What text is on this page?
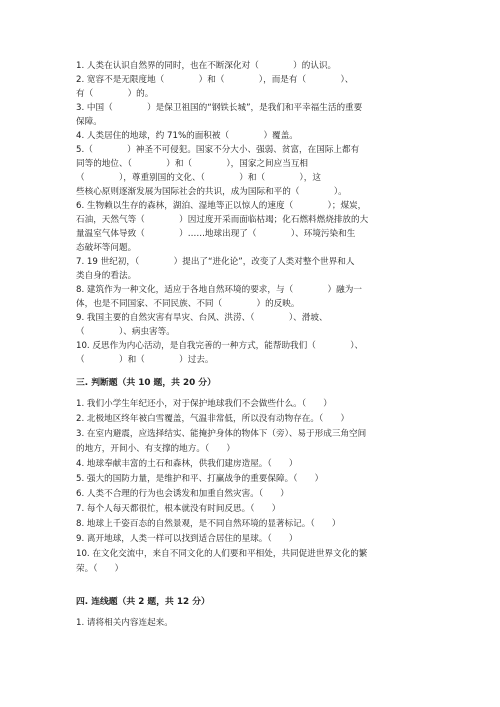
1. 人类在认识自然界的同时，也在不断深化对（　　　　）的认识。
2. 宽容不是无限度地（　　　　）和（　　　　），而是有（　　　　）、
有（　　　　）的。
3. 中国（　　　　）是保卫祖国的“钢铁长城”，是我们和平幸福生活的重要
保障。
4. 人类居住的地球，约 71%的面积被（　　　　）覆盖。
5.（　　　　）神圣不可侵犯。国家不分大小、强弱、贫富，在国际上都有
同等的地位、（　　　　）和（　　　　），国家之间应当互相
（　　　　），尊重别国的文化、（　　　　）和（　　　　），这
些核心原则逐渐发展为国际社会的共识，成为国际和平的（　　　　）。
6. 生物赖以生存的森林，湖泊、湿地等正以惊人的速度（　　　　）；煤炭，
石油，天然气等（　　　　）因过度开采而面临枯竭；化石燃料燃烧排放的大
量温室气体导致（　　　　）……地球出现了（　　　　）、环境污染和生
态破坏等问题。
7. 19 世纪初，（　　　　）提出了“进化论”，改变了人类对整个世界和人
类自身的看法。
8. 建筑作为一种文化，适应于各地自然环境的要求，与（　　　　）融为一
体，也是不同国家、不同民族、不同（　　　　）的反映。
9. 我国主要的自然灾害有旱灾、台风、洪涝、（　　　　）、滑坡、
（　　　　）、病虫害等。
10. 反思作为内心活动，是自我完善的一种方式，能帮助我们（　　　　）、
（　　　　）和（　　　　）过去。
三. 判断题（共 10 题，共 20 分）
1. 我们小学生年纪还小，对于保护地球我们不会做些什么。（　　）
2. 北极地区终年被白雪覆盖，气温非常低，所以没有动物存在。（　　）
3. 在室内避震，应选择结实、能掩护身体的物体下（旁）、易于形成三角空间
的地方，开间小、有支撑的地方。（　　）
4. 地球奉献丰富的土石和森林，供我们建房造屋。（　　）
5. 强大的国防力量，是维护和平、打赢战争的重要保障。（　　）
6. 人类不合理的行为也会诱发和加重自然灾害。（　　）
7. 每个人每天都很忙，根本就没有时间反思。（　　）
8. 地球上千姿百态的自然景观，是不同自然环境的显著标记。（　　）
9. 离开地球，人类一样可以找到适合居住的星球。（　　）
10. 在文化交流中，来自不同文化的人们要和平相处，共同促进世界文化的繁
荣。（　　）
四. 连线题（共 2 题，共 12 分）
1. 请将相关内容连起来。
